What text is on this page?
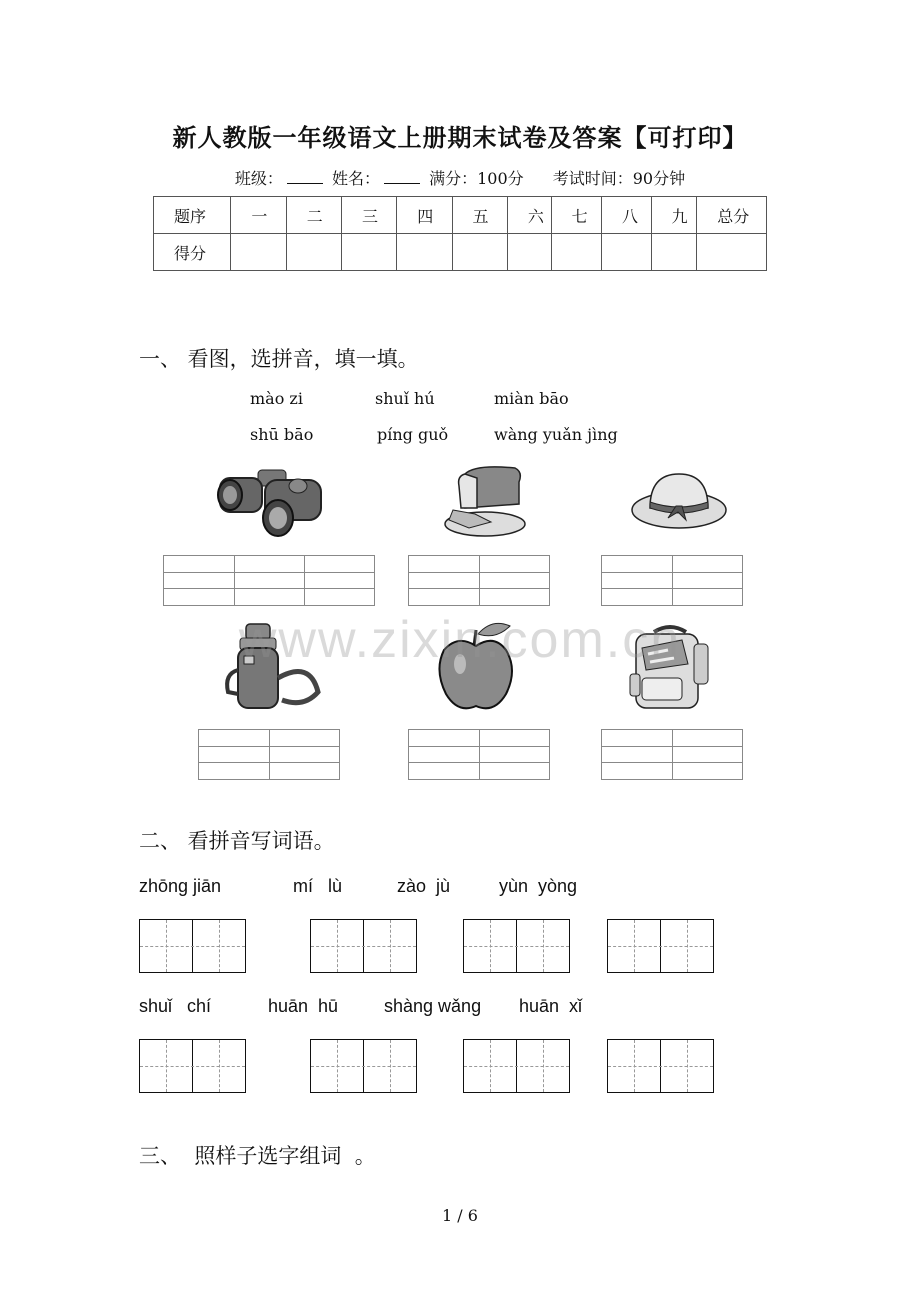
新人教版一年级语文上册期末试卷及答案【可打印】
班级：	姓名：	满分：100分 考试时间：90分钟
题序	一	二	三	四	五	六	七	八	九	总分
得分										
一、 看图，选拼音，填一填。
mào zi	shuǐ hú	miàn bāo
shū bāo	píng guǒ	wàng yuǎn jìng
www.zixin.com.cn
二、 看拼音写词语。
zhōng jiān	mí   lù	zào  jù	yùn  yòng
shuǐ   chí	huān  hū	shàng wǎng huān  xǐ
三、  照样子选字组词  。
1 / 6
